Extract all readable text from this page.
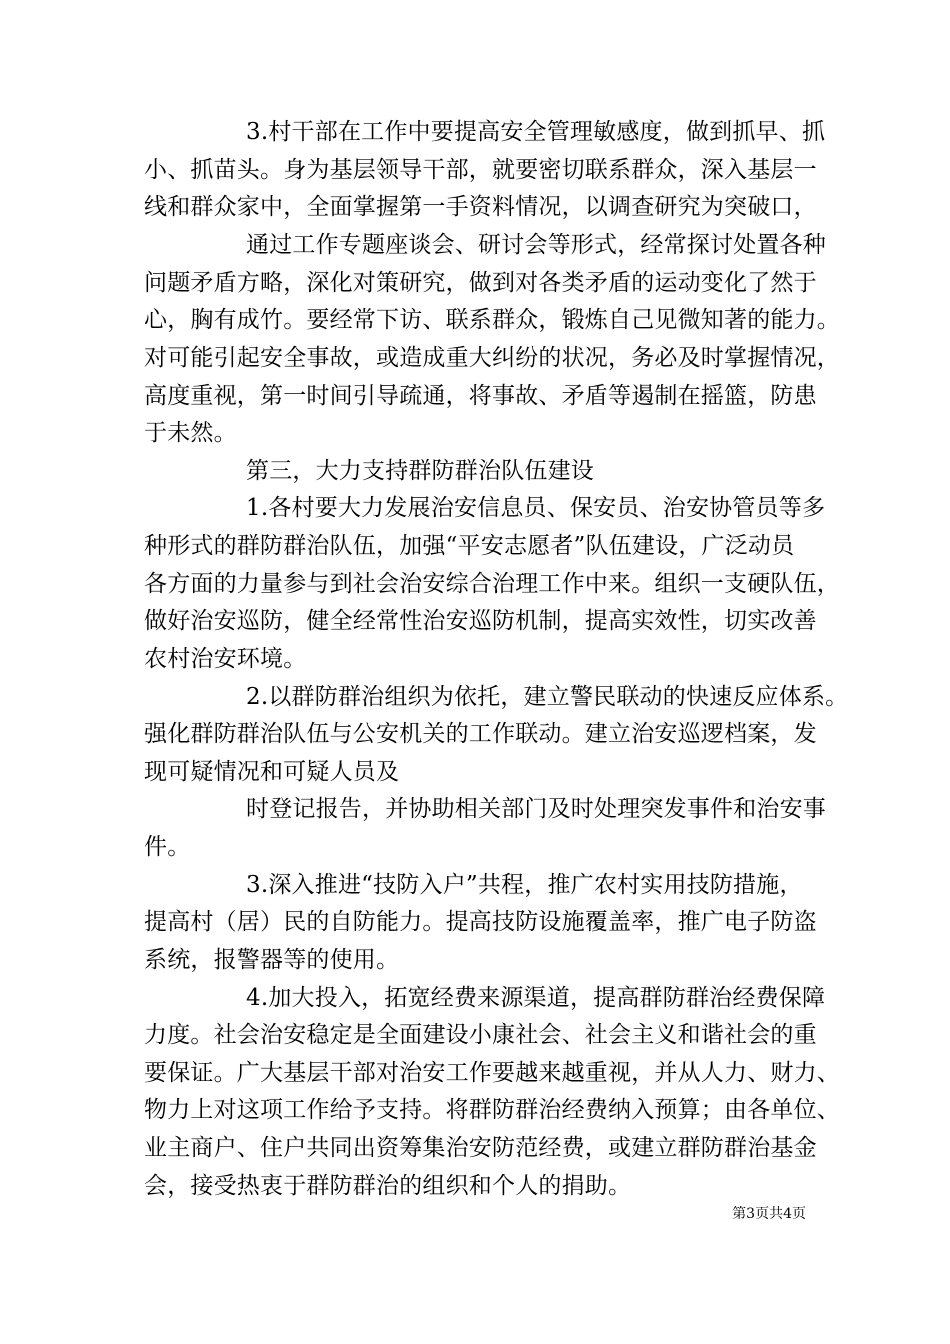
3.村干部在工作中要提高安全管理敏感度，做到抓早、抓
小、抓苗头。身为基层领导干部，就要密切联系群众，深入基层一
线和群众家中，全面掌握第一手资料情况，以调查研究为突破口，
通过工作专题座谈会、研讨会等形式，经常探讨处置各种
问题矛盾方略，深化对策研究，做到对各类矛盾的运动变化了然于
心，胸有成竹。要经常下访、联系群众，锻炼自己见微知著的能力。
对可能引起安全事故，或造成重大纠纷的状况，务必及时掌握情况，
高度重视，第一时间引导疏通，将事故、矛盾等遏制在摇篮，防患
于未然。
第三，大力支持群防群治队伍建设
1.各村要大力发展治安信息员、保安员、治安协管员等多
种形式的群防群治队伍，加强“平安志愿者”队伍建设，广泛动员
各方面的力量参与到社会治安综合治理工作中来。组织一支硬队伍，
做好治安巡防，健全经常性治安巡防机制，提高实效性，切实改善
农村治安环境。
2.以群防群治组织为依托，建立警民联动的快速反应体系。
强化群防群治队伍与公安机关的工作联动。建立治安巡逻档案，发
现可疑情况和可疑人员及
时登记报告，并协助相关部门及时处理突发事件和治安事
件。
3.深入推进“技防入户”共程，推广农村实用技防措施，
提高村（居）民的自防能力。提高技防设施覆盖率，推广电子防盗
系统，报警器等的使用。
4.加大投入，拓宽经费来源渠道，提高群防群治经费保障
力度。社会治安稳定是全面建设小康社会、社会主义和谐社会的重
要保证。广大基层干部对治安工作要越来越重视，并从人力、财力、
物力上对这项工作给予支持。将群防群治经费纳入预算；由各单位、
业主商户、住户共同出资筹集治安防范经费，或建立群防群治基金
会，接受热衷于群防群治的组织和个人的捐助。
第3页共4页
